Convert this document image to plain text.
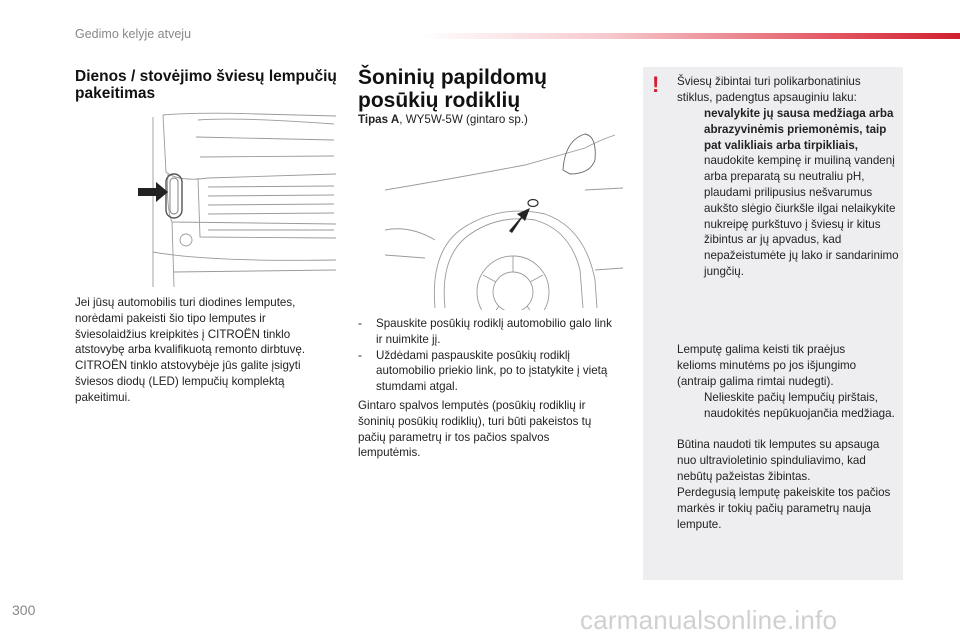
Gedimo kelyje atveju
Dienos / stovėjimo šviesų lempučių pakeitimas

Jei jūsų automobilis turi diodines lemputes, norėdami pakeisti šio tipo lemputes ir šviesolaidžius kreipkitės į CITROËN tinklo atstovybę arba kvalifikuotą remonto dirbtuvę. CITROËN tinklo atstovybėje jūs galite įsigyti šviesos diodų (LED) lempučių komplektą pakeitimui.

Šoninių papildomų posūkių rodiklių

Tipas A, WY5W-5W (gintaro sp.)

- Spauskite posūkių rodiklį automobilio galo link ir nuimkite jį.
- Uždėdami paspauskite posūkių rodiklį automobilio priekio link, po to įstatykite į vietą stumdami atgal.

Gintaro spalvos lemputės (posūkių rodiklių ir šoninių posūkių rodiklių), turi būti pakeistos tų pačių parametrų ir tos pačios spalvos lemputėmis.

!	Šviesų žibintai turi polikarbonatinius stiklus, padengtus apsauginiu laku:

nevalykite jų sausa medžiaga arba abrazyvinėmis priemonėmis, taip pat valikliais arba tirpikliais,
naudokite kempinę ir muiliną vandenį arba preparatą su neutraliu pH,
plaudami prilipusius nešvarumus aukšto slėgio čiurkšle ilgai nelaikykite nukreipę purkštuvo į šviesų ir kitus žibintus ar jų apvadus, kad nepažeistumėte jų lako ir sandarinimo jungčių.

Lemputę galima keisti tik praėjus kelioms minutėms po jos išjungimo (antraip galima rimtai nudegti).

Nelieskite pačių lempučių pirštais, naudokitės nepūkuojančia medžiaga.

Būtina naudoti tik lemputes su apsauga nuo ultravioletinio spinduliavimo, kad nebūtų pažeistas žibintas.

Perdegusią lemputę pakeiskite tos pačios markės ir tokių pačių parametrų nauja lempute.

300	carmanualsonline.info
